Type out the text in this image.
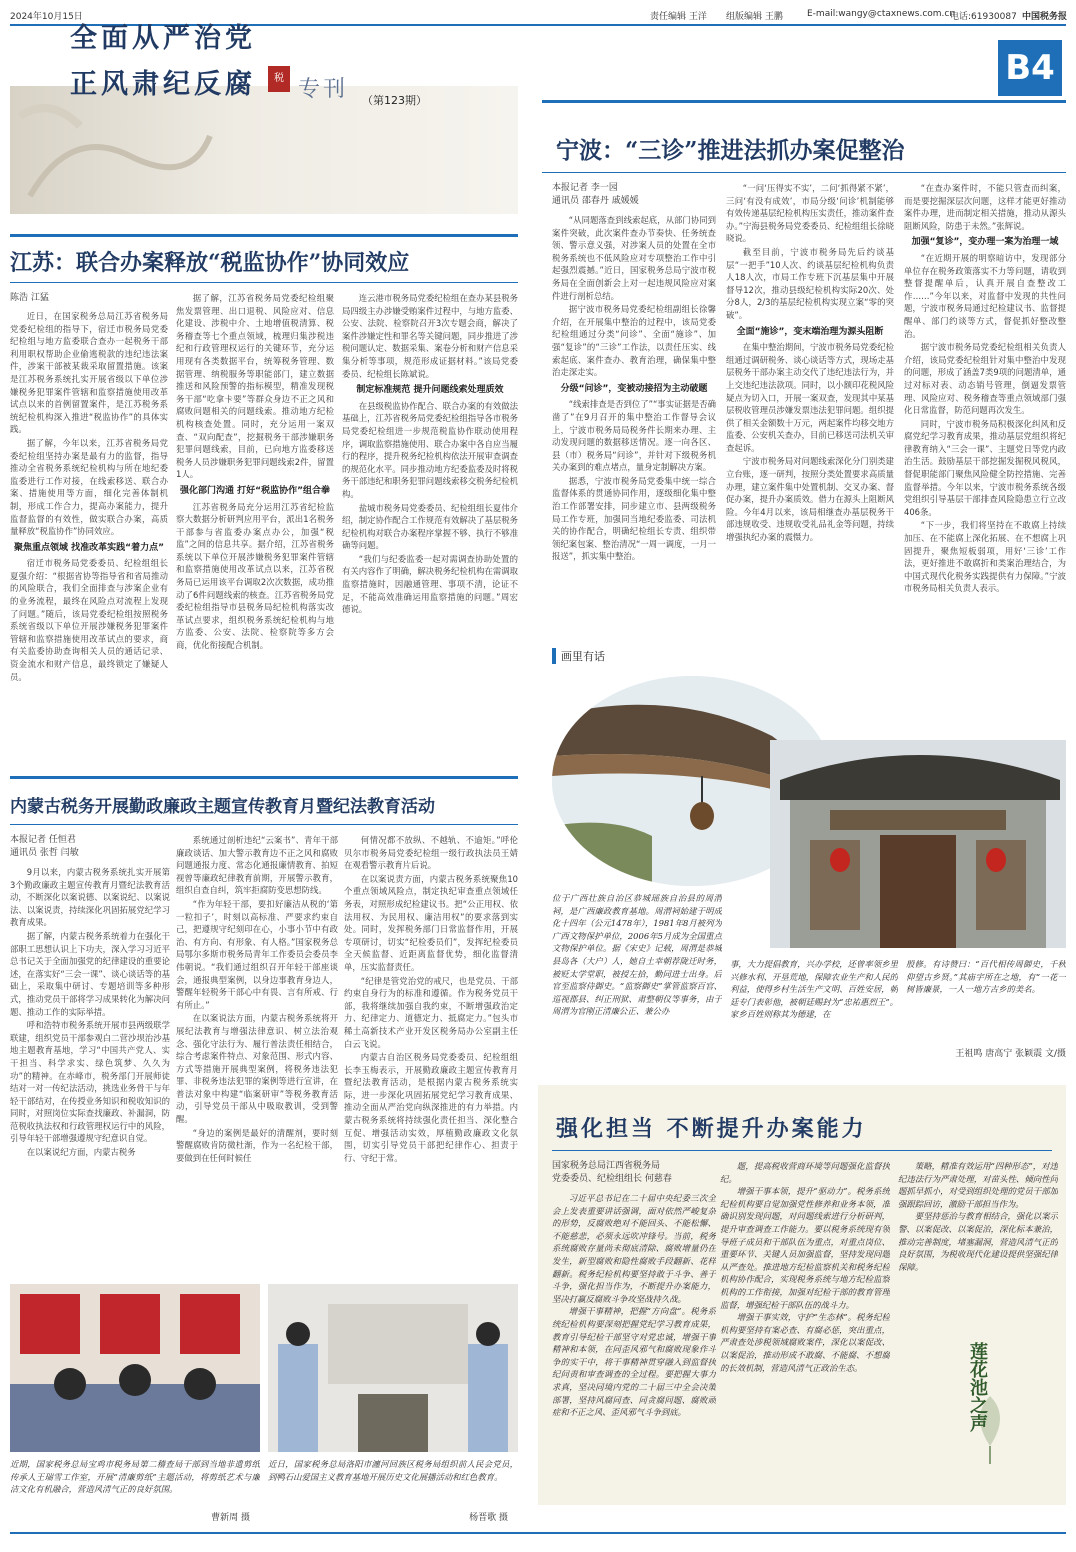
2024年10月15日	责任编辑 王洋 组版编辑 王鹏	E-mail:wangy@ctaxnews.com.cn
电话:61930087 中国税务报
B4
全面从严治党
正风肃纪反腐	税 专刊 （第123期）
江苏：联合办案释放“税监协作”协同效应
陈浩 江猛

近日，在国家税务总局江苏省税务局党委纪检组的指导下，宿迁市税务局党委纪检组与地方监委联合查办一起税务干部利用职权帮助企业偷逃税款的违纪违法案件，涉案干部被某裁采取留置措施。该案是江苏税务系统扎实开展省级以下单位涉嫌税务犯罪案件管辖和监察措施使用改革试点以来的首例留置案件，是江苏税务系统纪检机构深入推进“税监协作”的具体实践。

据了解，今年以来，江苏省税务局党委纪检组坚持办案是最有力的监督，指导推动全省税务系统纪检机构与所在地纪委监委进行工作对接，在线索移送、联合办案、措施使用等方面，细化完善体制机制，形成工作合力，提高办案能力，提升监督监督的有效性，做实联合办案，高质量释放“税监协作”协同效应。

聚焦重点领域 找准改革实践“着力点”

宿迁市税务局党委委员、纪检组组长夏强介绍：“根据省协等指导省和省局推动的风险联合，我们全面排查与涉案企业有的业务流程，最终在风险点对流程上发现了问题。”随后，该局党委纪检组按照税务系统省级以下单位开展涉嫌税务犯罪案件管辖和监察措施使用改革试点的要求，商有关监委协助查询相关人员的通话记录、资金流水和财产信息，最终锁定了嫌疑人员。

据了解，江苏省税务局党委纪检组聚焦发票管理、出口退税、风险应对、信息化建设、涉税中介、土地增值税清算、税务稽查等七个重点领域，梳理归集涉税违纪和行政管理权运行的关键环节，充分运用现有各类数据平台，统筹税务管理、数据管理、纳税服务等职能部门，建立数据推送和风险预警的指标模型，精准发现税务干部“吃拿卡要”等群众身边不正之风和腐败问题相关的问题线索。推动地方纪检机构核查处置。同时，充分运用一案双查、“双向配查”，挖掘税务干部涉嫌职务犯罪问题线索，目前，已向地方监委移送税务人员涉嫌职务犯罪问题线索2件，留置1人。

强化部门沟通 打好“税监协作”组合拳

江苏省税务局充分运用江苏省纪检监察大数据分析研判应用平台，派出1名税务干部参与省监委办案点办公，加强“税监”之间的信息共享。据介绍，江苏省税务系统以下单位开展涉嫌税务犯罪案件管辖和监察措施使用改革试点以来，江苏省税务局已运用该平台调取2次次数据，成功推动了6件问题线索的核查。江苏省税务局党委纪检组指导市县税务局纪检机构落实改革试点要求，组织税务系统纪检机构与地方监委、公安、法院、检察院等多方会商，优化衔接配合机制。

连云港市税务局党委纪检组在查办某县税务局四级主办涉嫌受贿案件过程中，与地方监委、公安、法院、检察院召开3次专题会商，解决了案件涉嫌定性和罪名等关键问题，同步推进了涉税问题认定、数据采集、案卷分析和财产信息采集分析等事项，规范形成证据材料。”该局党委委员、纪检组长陈斌说。

制定标准规范 提升问题线索处理质效

在县级税监协作配合、联合办案的有效做法基础上，江苏省税务局党委纪检组指导各市税务局党委纪检组进一步规范税监协作联动使用程序，调取监察措施使用、联合办案中各自应当履行的程序，提升税务纪检机构依法开展审查调查的规范化水平。同步推动地方纪委监委及时将税务干部违纪和职务犯罪问题线索移交税务纪检机构。

盐城市税务局党委委员、纪检组组长夏伟介绍，制定协作配合工作规范有效解决了基层税务纪检机构对联合办案程序掌握不够、执行不够准确等问题。

“我们与纪委监委一起对需调查协助处置的有关内容作了明确，解决税务纪检机构在需调取监察措施时，因融通管理、事项不清，论证不足，不能高效准确运用监察措施的问题。”周宏德说。

宁波：“三诊”推进法抓办案促整治
本报记者 李一园
通讯员 邵春丹 戚媛媛

“从同题落查到线索起底，从部门协同到案件突破，此次案件查办节奏快、任务统查领、警示意义强，对涉案人员的处置在全市税务系统也不低风险应对专项整治工作中引起强烈震撼。”近日，国家税务总局宁波市税务局在全面创新会上对一起违规风险应对案件进行剖析总结。

据宁波市税务局党委纪检组副组长徐馨介绍，在开展集中整治的过程中，该局党委纪检组通过分类“问诊”、全面“施诊”、加强“复诊”的“三诊”工作法，以责任压实、线索起底、案件查办、教育治理，确保集中整治走深走实。

分级“问诊”，变被动接招为主动破题

“线索排查是否到位了”“事实证据是否确凿了”在9月召开的集中整治工作督导会议上，宁波市税务局局税务件长期来办理、主动发现问题的数据移送情况。逐一向各区、县（市）税务局“问诊”，并针对下级税务机关办案到的难点堵点，量身定制解决方案。

据悉，宁波市税务局党委集中统一综合监督体系的贯通协同作用，逐级细化集中整治工作部署安排，同步建立市、县两级税务局工作专班，加强同当地纪委监委、司法机关的协作配合，明确纪检组长专责、组织带领纪案包案、整治清况“一周一调度，一月一报送”，抓实集中整治。

“一问‘压得实不实’，二问‘抓得紧不紧’，三问‘有没有成效’，市局分级‘问诊’机制能够有效传递基层纪检机构压实责任，推动案件查办。”宁海县税务局党委委员、纪检组组长徐晓晓说。

截至目前，宁波市税务局先后约谈基层“一把手”10人次、约谈基层纪检机构负责人18人次，市局工作专班下沉基层集中开展督导12次，推动县级纪检机构实际20次、处分8人，2/3的基层纪检机构实现立案“零的突破”。

全面“施诊”，变末端治理为源头阻断

在集中整治期间，宁波市税务局党委纪检组通过调研税务、谈心谈话等方式，现场走基层税务干部办案主动交代了违纪违法行为，并上交违纪违法款项。同时，以小额印花税风险疑点为切入口，开展一案双查，发现其中某基层税收管理员涉嫌发票违法犯罪问题。组织提供了相关金额数十万元，两起案件均移交地方监委、公安机关查办，目前已移送司法机关审查起诉。

宁波市税务局对问题线索深化分门别类建立台账，逐一研判，按照分类处置要求高质量办理，建立案件集中处置机制、交叉办案、督促办案，提升办案质效。借力在源头上阻断风险。今年4月以来，该局相继查办基层税务干部违规收受、违规收受礼品礼金等问题，持续增强执纪办案的震慑力。

“在查办案件时，不能只管查而纠案，而是要挖掘深层次问题，这样才能更好推动案件办理，进而制定相关措施，推动从源头阻断风险，防患于未然。”张辉说。

加强“复诊”，变办理一案为治理一域

“在近期开展的明察暗访中，发现部分单位存在税务政策落实不力等问题，请收到整督提醒单后，认真开展自查整改工作……”今年以来，对监督中发现的共性问题，宁波市税务局通过纪检建议书、监督提醒单、部门约谈等方式，督促抓好整改整治。

据宁波市税务局党委纪检组相关负责人介绍，该局党委纪检组针对集中整治中发现的问题，形成了涵盖7类9项的问题清单，通过对标对表、动态销号管理，倒逼发票管理、风险应对、税务稽查等重点领域部门强化日常监督，防范问题再次发生。

同时，宁波市税务局积极深化纠风和反腐党纪学习教育成果，推动基层党组织将纪律教育纳入“三会一课”、主题党日等党内政治生活。鼓励基层干部挖掘发掘税风税风，督促职能部门聚焦风险健全防控措施、完善监督举措。今年以来，宁波市税务系统各级党组织引导基层干部排查风险隐患立行立改406条。

“下一步，我们将坚持在不敢腐上持续加压、在不能腐上深化拓展、在不想腐上巩固提升，聚焦短板弱项，用好‘三诊’工作法，更好推进不敢腐折和类案治理结合，为中国式现代化税务实践提供有力保障。”宁波市税务局相关负责人表示。

画里有话
位于广西壮族自治区恭城瑶族自治县的周渭祠，是广西廉政教育基地。周渭祠始建于明成化十四年（公元1478年），1981年8月被列为广西文物保护单位，2006年5月成为全国重点文物保护单位。据《宋史》记载，周渭是恭城县岛各（大户）人，她自土幸朝荐陇迁时务，被贬太学堂职，被授左拾，勤同进士出身。后官至监察侍御史。“监察御史”掌管监察百官、巡视郡县、纠正刑狱、肃整朝仪等事务，由于周渭为官刚正清廉公正、兼公办
事，大力提倡教育，兴办学校，还曾率领乡里兴修水利、开垦荒地，保障农业生产和人民的利益，使得乡村生活生产文明、百姓安居，朝廷专门表彰他，被朝廷赐封为“忠祐惠烈王”。家乡百姓则称其为德建，在
殷修。有诗赞曰：“百代相传周御史，千秋仰望古乡贤。”其庙宇所在之地，有“一花一树皆廉景，一人一地方古乡的美名。
王祖鸣 唐高宁 张颖震 文/摄
内蒙古税务开展勤政廉政主题宣传教育月暨纪法教育活动
本报记者 任恒君
通讯员 张哲 闫敏

9月以来，内蒙古税务系统扎实开展第3个勤政廉政主题宣传教育月暨纪法教育活动，不断深化以案说德、以案说纪、以案说法、以案说责，持续深化巩固拓展党纪学习教育成果。

据了解，内蒙古税务系统着力在强化干部职工思想认识上下功夫，深入学习习近平总书记关于全面加强党的纪律建设的重要论述，在落实好“三会一课”、谈心谈话等的基础上，采取集中研讨、专题培训等多种形式，推动党员干部将学习成果转化为解决问题、推动工作的实际举措。

呼和浩特市税务系统开展市县两级联学联建，组织党员干部参观白二营沙坝治沙基地主题教育基地，学习“中国共产党人、实干担当、科学求实、绿色筑梦、久久为功”的精神。在赤峰市，税务部门开展师徒结对一对一传纪法活动，挑选业务骨干与年轻干部结对，在传授业务知识和税收知识的同时，对照岗位实际查找廉政、补漏洞，防范税收执法权和行政管理权运行中的风险，引导年轻干部增强遵规守纪意识自觉。

在以案说纪方面，内蒙古税务

系统通过剖析违纪“云案书”、青年干部廉政谈话、加大警示教育边不正之风和腐败问题通报力度、常态化通报廉情教育、拍短视曾等廉政纪律教育前期，开展警示教育，组织自查自纠，筑牢拒腐防变思想防线。

“作为年轻干部，要扣好廉洁从税的‘第一粒扣子’，时刻以高标准、严要求约束自己，把遵规守纪刻印在心，小事小节中有政治、有方向、有形象、有人格。”国家税务总局鄂尔多斯市税务局青年工作委员会委员李伟朝说。“我们通过组织召开年轻干部座谈会，通报典型案例，以身边事教育身边人，警醒年轻税务干部心中有畏、言有所戒、行有所止。”

在以案说法方面，内蒙古税务系统将开展纪法教育与增强法律意识、树立法治观念、强化守法行为、履行普法责任相结合，综合考虑案件特点、对象范围、形式内容、方式等措施开展典型案例，将税务违法犯罪、非税务违法犯罪的案例等进行宣讲，在普法对象中构建“临案研审”等税务教育活动，引导党员干部从中吸取教训，受到警醒。

“身边的案例是最好的清醒剂，要时刻警醒腐败肯防微杜渐，作为一名纪检干部，要做到在任何时候任

何情况都不放纵、不越轨、不逾矩。”呼伦贝尔市税务局党委纪检组一级行政执法员王婧在观看警示教育片后说。

在以案说责方面，内蒙古税务系统聚焦10个重点领域风险点，制定执纪审查重点领域任务表，对照形成纪检建议书。把“公正用权、依法用权、为民用权、廉洁用权”的要求落到实处。同时，发挥税务部门日常监督作用，开展专项研讨，切实“纪检委员们”，发挥纪检委员全天候监督、近距离监督优势，细化监督清单，压实监督责任。

“纪律是管党治党的戒尺，也是党员、干部约束自身行为的标准和遵循。作为税务党员干部，我将继续加强自我约束，不断增强政治定力、纪律定力、道德定力、抵腐定力。”包头市稀土高新技术产业开发区税务局办公室副主任白云飞说。

内蒙古自治区税务局党委委员、纪检组组长李玉梅表示，开展勤政廉政主题宣传教育月暨纪法教育活动，是根据内蒙古税务系统实际，进一步深化巩固拓展党纪学习教育成果、推动全面从严治党向纵深推进的有力举措。内蒙古税务系统将持续强化责任担当、深化整合互促、增强活动实效，厚植勤政廉政文化氛围，切实引导党员干部把纪律作心、担责于行、守纪于常。

近期，国家税务总局宝鸡市税务局第二稽查局干部到当地非遗剪纸传承人王瑞雪工作室，开展“清廉剪纸”主题活动，将剪纸艺术与廉洁文化有机融合，营造风清气正的良好氛围。
曹新周 摄
近日，国家税务总局洛阳市瀍河回族区税务局组织前人民会党员，到鸭石山爱国主义教育基地开展历史文化展播活动和红色教育。
杨晋歌 摄
强化担当 不断提升办案能力
国家税务总局江西省税务局
党委委员、纪检组组长 何慈春

习近平总书记在二十届中央纪委三次全会上发表重要讲话强调，面对依然严峻复杂的形势，反腐败绝对不能回头、不能松懈、不能慈悲，必须永远吹冲锋号。当前，税务系统腐败存量尚未彻底清除、腐败增量仍在发生，新型腐败和隐性腐败手段翻新、花样翻新。税务纪检机构要坚持敢于斗争、善于斗争，强化担当作为，不断提升办案能力，坚决打赢反腐败斗争攻坚战持久战。

增强干事精神，把握“方向盘”。税务系统纪检机构要深刻把握党纪学习教育成果，教育引导纪检干部坚守对党忠诚，增强干事精神和本领，在同歪风邪气和腐败现象作斗争的实干中，将干事精神贯穿融入到监督执纪问责和审查调查的全过程。要把握大事力求真，坚决同境内党的二十届三中全会决策部署，坚持风腐同查、同贪腐问题、腐败顽症和不正之风、歪风邪气斗争到底。

题，提高税收营商环境等问题强化监督执纪。

增强干事本领，提升“驱动力”。税务系统纪检机构要自觉加强党性修养和业务本领，准确识别发现问题，对问题线索进行分析研判，提升审查调查工作能力。要以税务系统现有领导班子成员和干部队伍为重点，对重点岗位、重要环节、关键人员加强监督，坚持发现问题从严查处。推进地方纪检监察机关和税务纪检机构协作配合，实现税务系统与地方纪检监察机构的工作衔接，加强对纪检干部的教育管理监督，增强纪检干部队伍的战斗力。

增强干事实效，守护“生态林”。税务纪检机构要坚持有案必查、有腐必惩，突出重点，严肃查处涉税领域腐败案件，深化以案促改、以案促治，推动形成不敢腐、不能腐、不想腐的长效机制，营造风清气正政治生态。

策略，精准有效运用“四种形态”，对违纪违法行为严肃处理，对苗头性、倾向性问题抓早抓小，对受到组织处理的党员干部加强跟踪回访，激励干部担当作为。

要坚持惩治与教育相结合，强化以案示警、以案促改、以案促治，深化标本兼治，推动完善制度，堵塞漏洞，营造风清气正的良好氛围，为税收现代化建设提供坚强纪律保障。

莲花池之声
